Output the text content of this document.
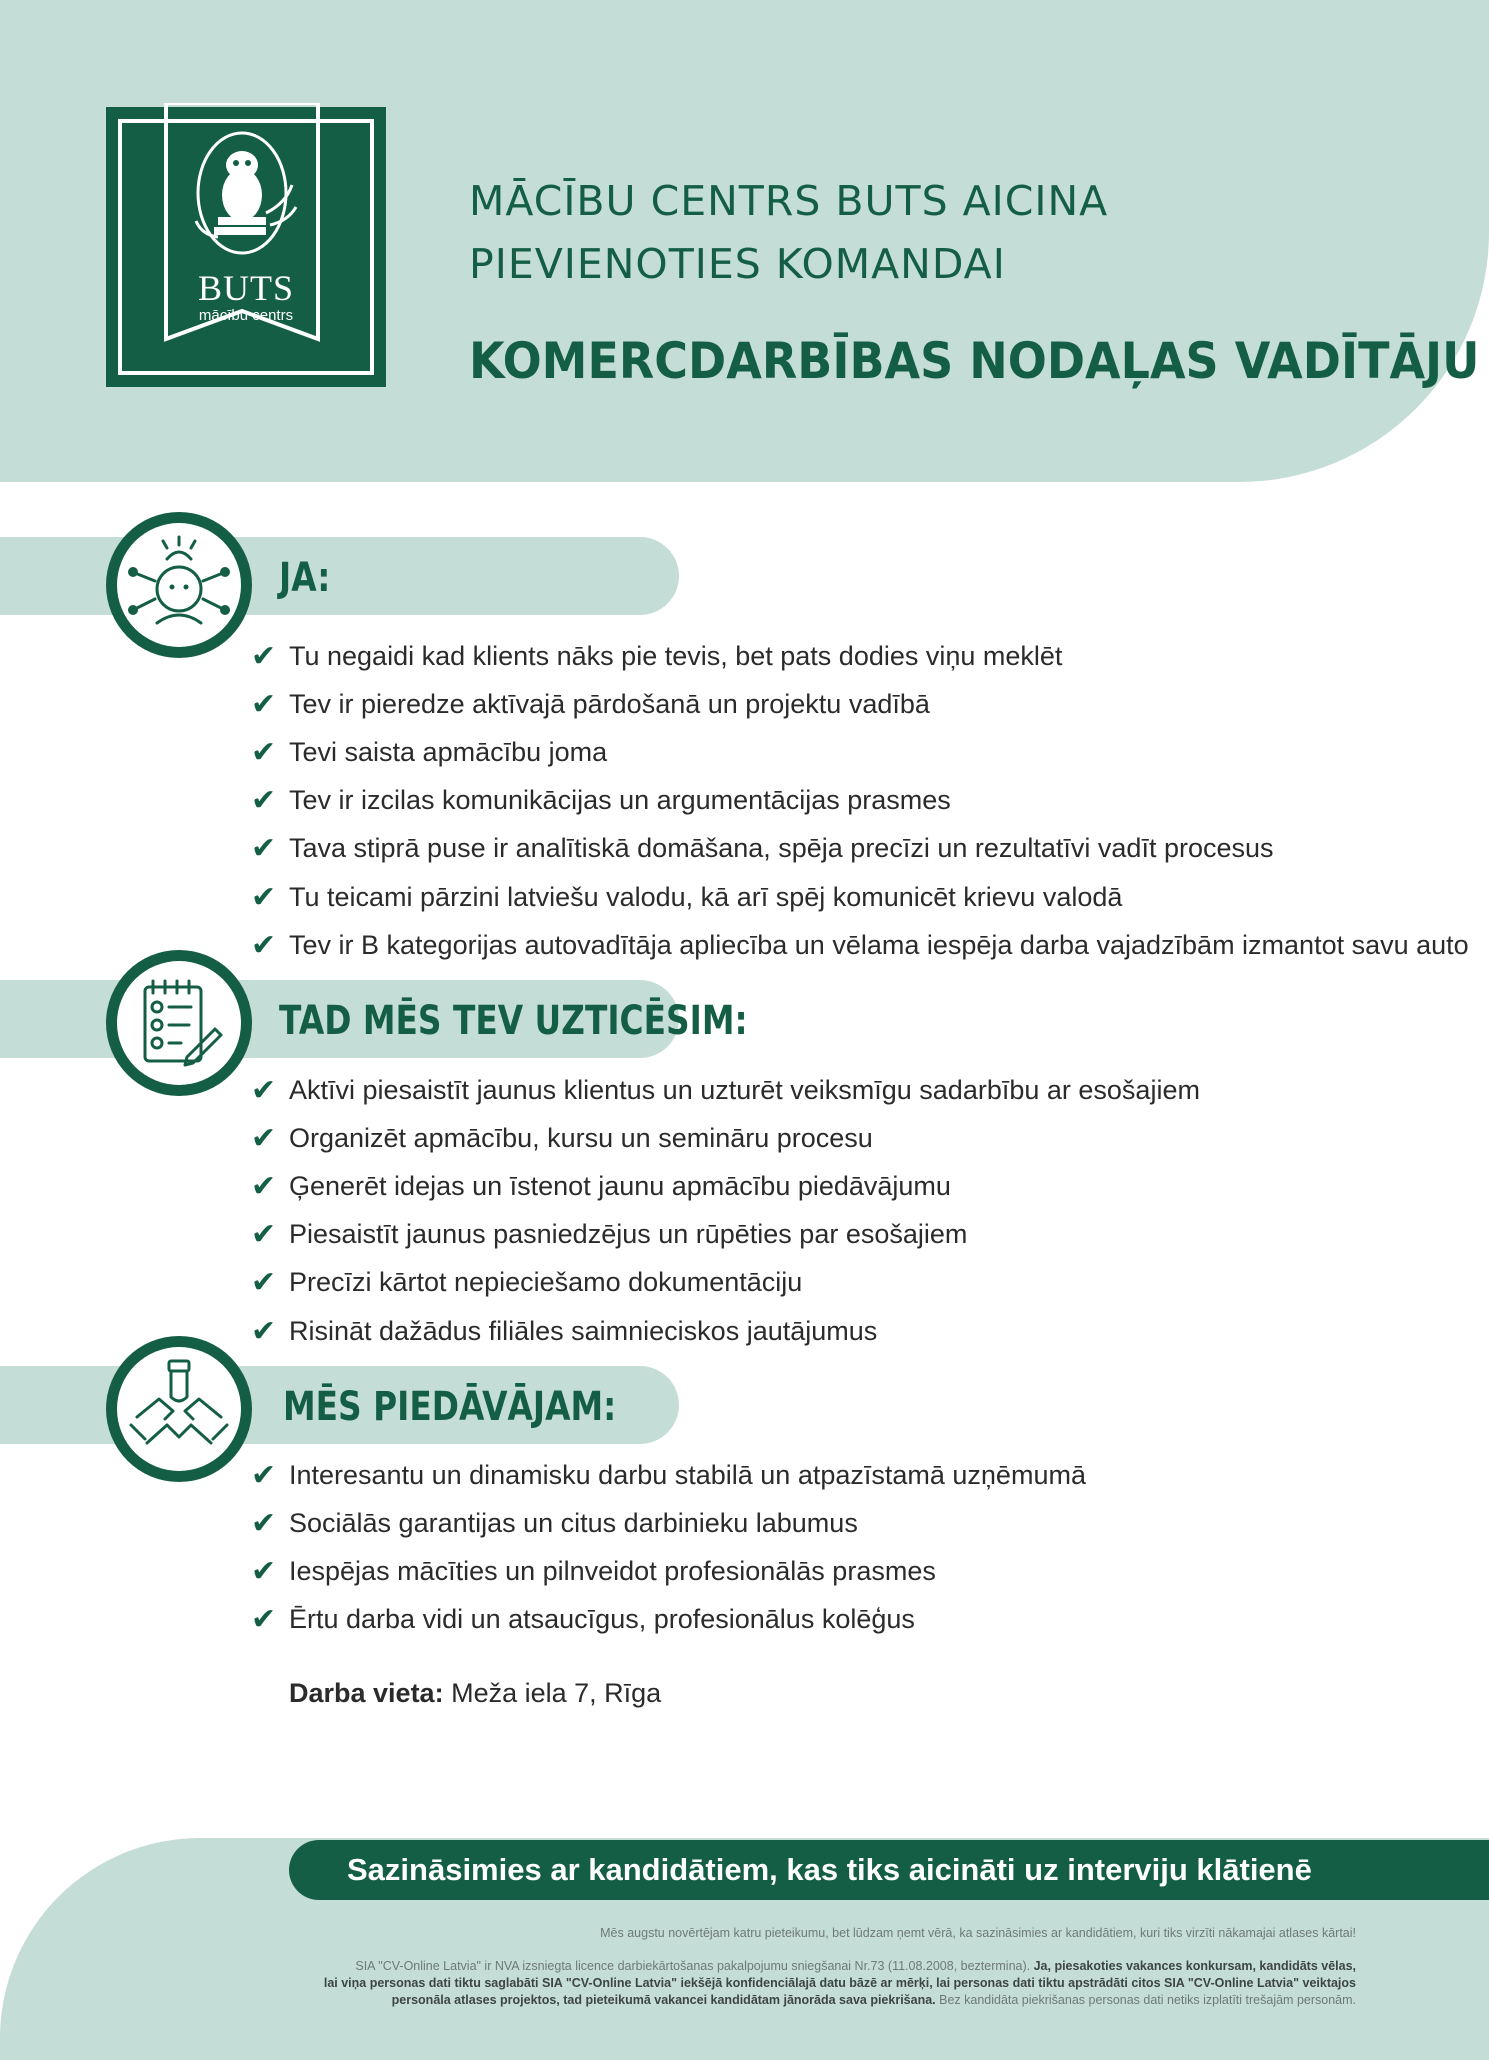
BUTS
mācību centrs
MĀCĪBU CENTRS BUTS AICINA
PIEVIENOTIES KOMANDAI
KOMERCDARBĪBAS NODAĻAS VADĪTĀJU
JA:
✔ Tu negaidi kad klients nāks pie tevis, bet pats dodies viņu meklēt
✔ Tev ir pieredze aktīvajā pārdošanā un projektu vadībā
✔ Tevi saista apmācību joma
✔ Tev ir izcilas komunikācijas un argumentācijas prasmes
✔ Tava stiprā puse ir analītiskā domāšana, spēja precīzi un rezultatīvi vadīt procesus
✔ Tu teicami pārzini latviešu valodu, kā arī spēj komunicēt krievu valodā
✔ Tev ir B kategorijas autovadītāja apliecība un vēlama iespēja darba vajadzībām izmantot savu auto
TAD MĒS TEV UZTICĒSIM:
✔ Aktīvi piesaistīt jaunus klientus un uzturēt veiksmīgu sadarbību ar esošajiem
✔ Organizēt apmācību, kursu un semināru procesu
✔ Ģenerēt idejas un īstenot jaunu apmācību piedāvājumu
✔ Piesaistīt jaunus pasniedzējus un rūpēties par esošajiem
✔ Precīzi kārtot nepieciešamo dokumentāciju
✔ Risināt dažādus filiāles saimnieciskos jautājumus
MĒS PIEDĀVĀJAM:
✔ Interesantu un dinamisku darbu stabilā un atpazīstamā uzņēmumā
✔ Sociālās garantijas un citus darbinieku labumus
✔ Iespējas mācīties un pilnveidot profesionālās prasmes
✔ Ērtu darba vidi un atsaucīgus, profesionālus kolēģus
Darba vieta: Meža iela 7, Rīga
Sazināsimies ar kandidātiem, kas tiks aicināti uz interviju klātienē
Mēs augstu novērtējam katru pieteikumu, bet lūdzam ņemt vērā, ka sazināsimies ar kandidātiem, kuri tiks virzīti nākamajai atlases kārtai!
SIA "CV-Online Latvia" ir NVA izsniegta licence darbiekārtošanas pakalpojumu sniegšanai Nr.73 (11.08.2008, beztermina). Ja, piesakoties vakances konkursam, kandidāts vēlas,
lai viņa personas dati tiktu saglabāti SIA "CV-Online Latvia" iekšējā konfidenciālajā datu bāzē ar mērķi, lai personas dati tiktu apstrādāti citos SIA "CV-Online Latvia" veiktajos
personāla atlases projektos, tad pieteikumā vakancei kandidātam jānorāda sava piekrišana. Bez kandidāta piekrišanas personas dati netiks izplatīti trešajām personām.
